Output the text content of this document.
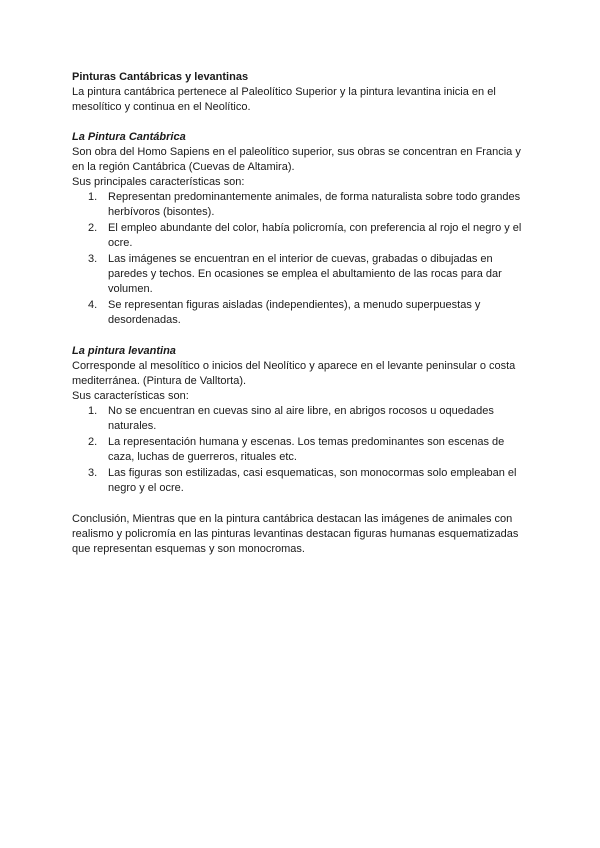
Pinturas Cantábricas y levantinas

La pintura cantábrica pertenece al Paleolítico Superior y la pintura levantina inicia en el mesolítico y continua en el Neolítico.

La Pintura Cantábrica

Son obra del Homo Sapiens en el paleolítico superior, sus obras se concentran en Francia y en la región Cantábrica (Cuevas de Altamira).

Sus principales características son:

1. Representan predominantemente animales, de forma naturalista sobre todo grandes herbívoros (bisontes).
2. El empleo abundante del color, había policromía, con preferencia al rojo el negro y el ocre.
3. Las imágenes se encuentran en el interior de cuevas, grabadas o dibujadas en paredes y techos. En ocasiones se emplea el abultamiento de las rocas para dar volumen.
4. Se representan figuras aisladas (independientes), a menudo superpuestas y desordenadas.

La pintura levantina

Corresponde al mesolítico o inicios del Neolítico y aparece en el levante peninsular o costa mediterránea. (Pintura de Valltorta).

Sus características son:

1. No se encuentran en cuevas sino al aire libre, en abrigos rocosos u oquedades naturales.
2. La representación humana y escenas. Los temas predominantes son escenas de caza, luchas de guerreros, rituales etc.
3. Las figuras son estilizadas, casi esquematicas, son monocormas solo empleaban el negro y el ocre.

Conclusión, Mientras que en la pintura cantábrica destacan las imágenes de animales con realismo y policromía en las pinturas levantinas destacan figuras humanas esquematizadas que representan esquemas y son monocromas.
